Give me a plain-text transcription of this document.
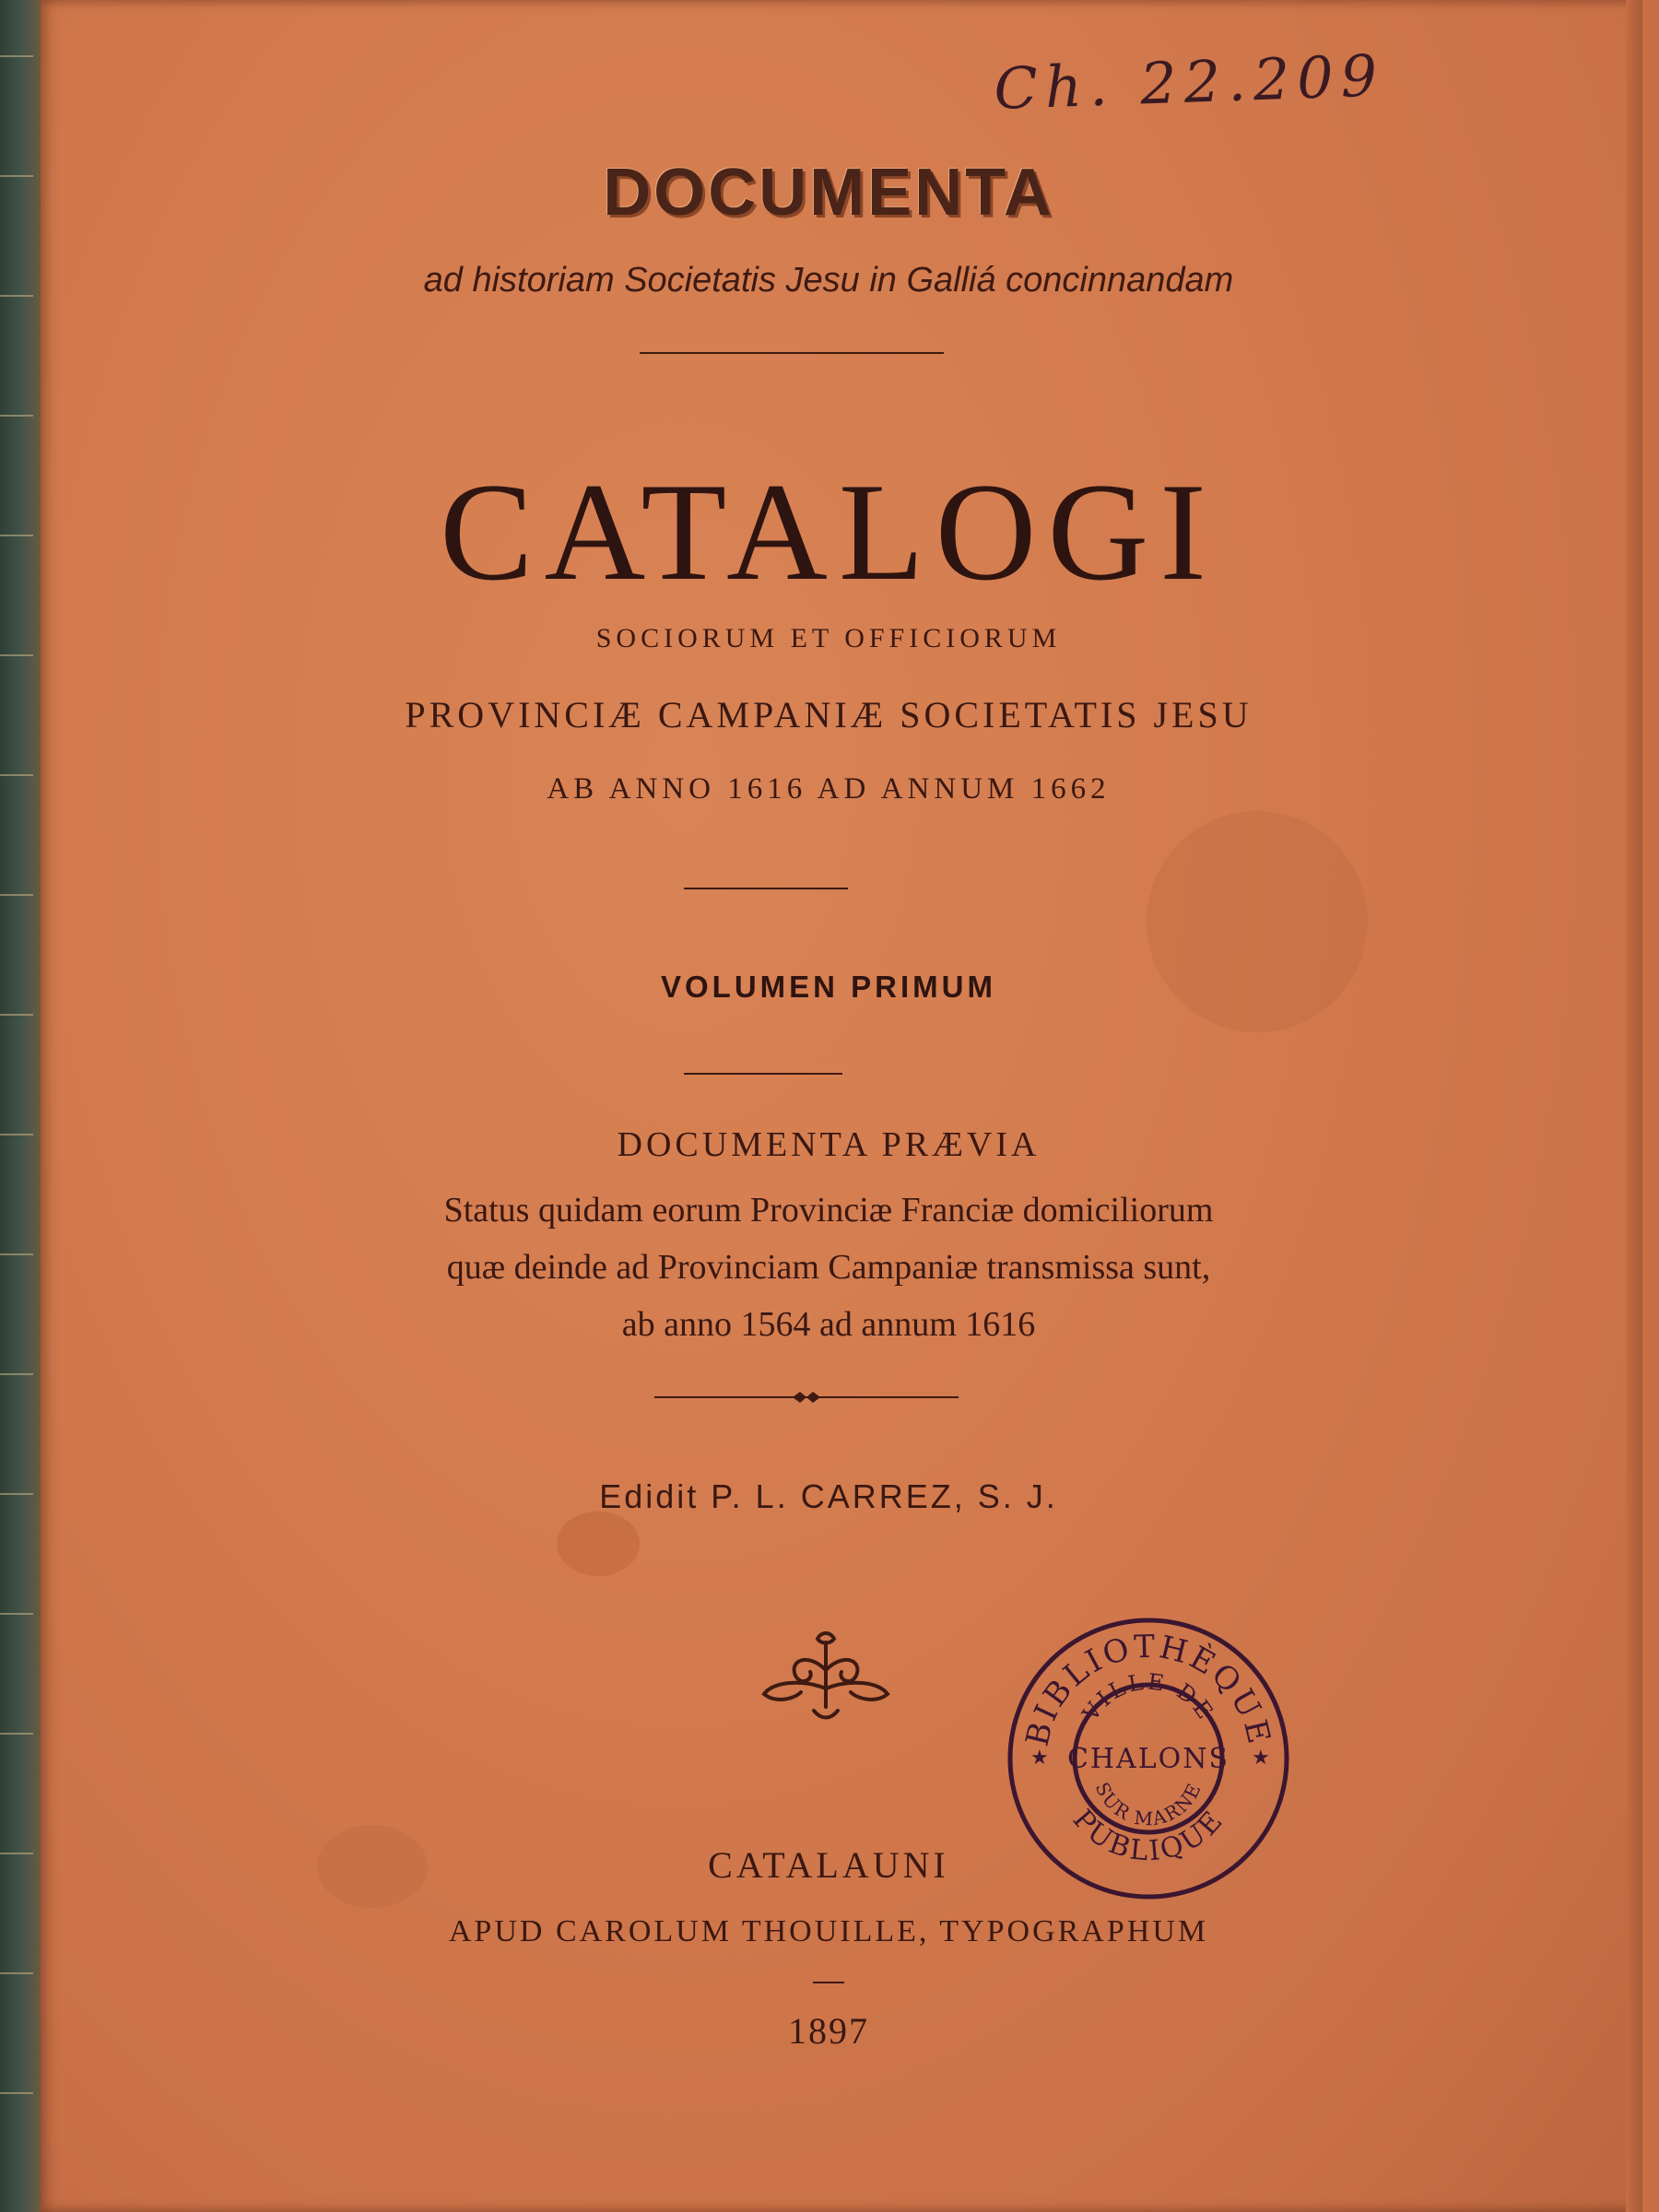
Ch. 22.209
DOCUMENTA
ad historiam Societatis Jesu in Galliá concinnandam
CATALOGI
SOCIORUM ET OFFICIORUM
PROVINCIÆ CAMPANIÆ SOCIETATIS JESU
AB ANNO 1616 AD ANNUM 1662
VOLUMEN PRIMUM
DOCUMENTA PRÆVIA
Status quidam eorum Provinciæ Franciæ domiciliorum
quæ deinde ad Provinciam Campaniæ transmissa sunt,
ab anno 1564 ad annum 1616
Edidit P. L. CARREZ, S. J.
BIBLIOTHÈQUE
PUBLIQUE
VILLE DE
CHALONS
SUR MARNE
★	★
CATALAUNI
APUD CAROLUM THOUILLE, TYPOGRAPHUM
1897
